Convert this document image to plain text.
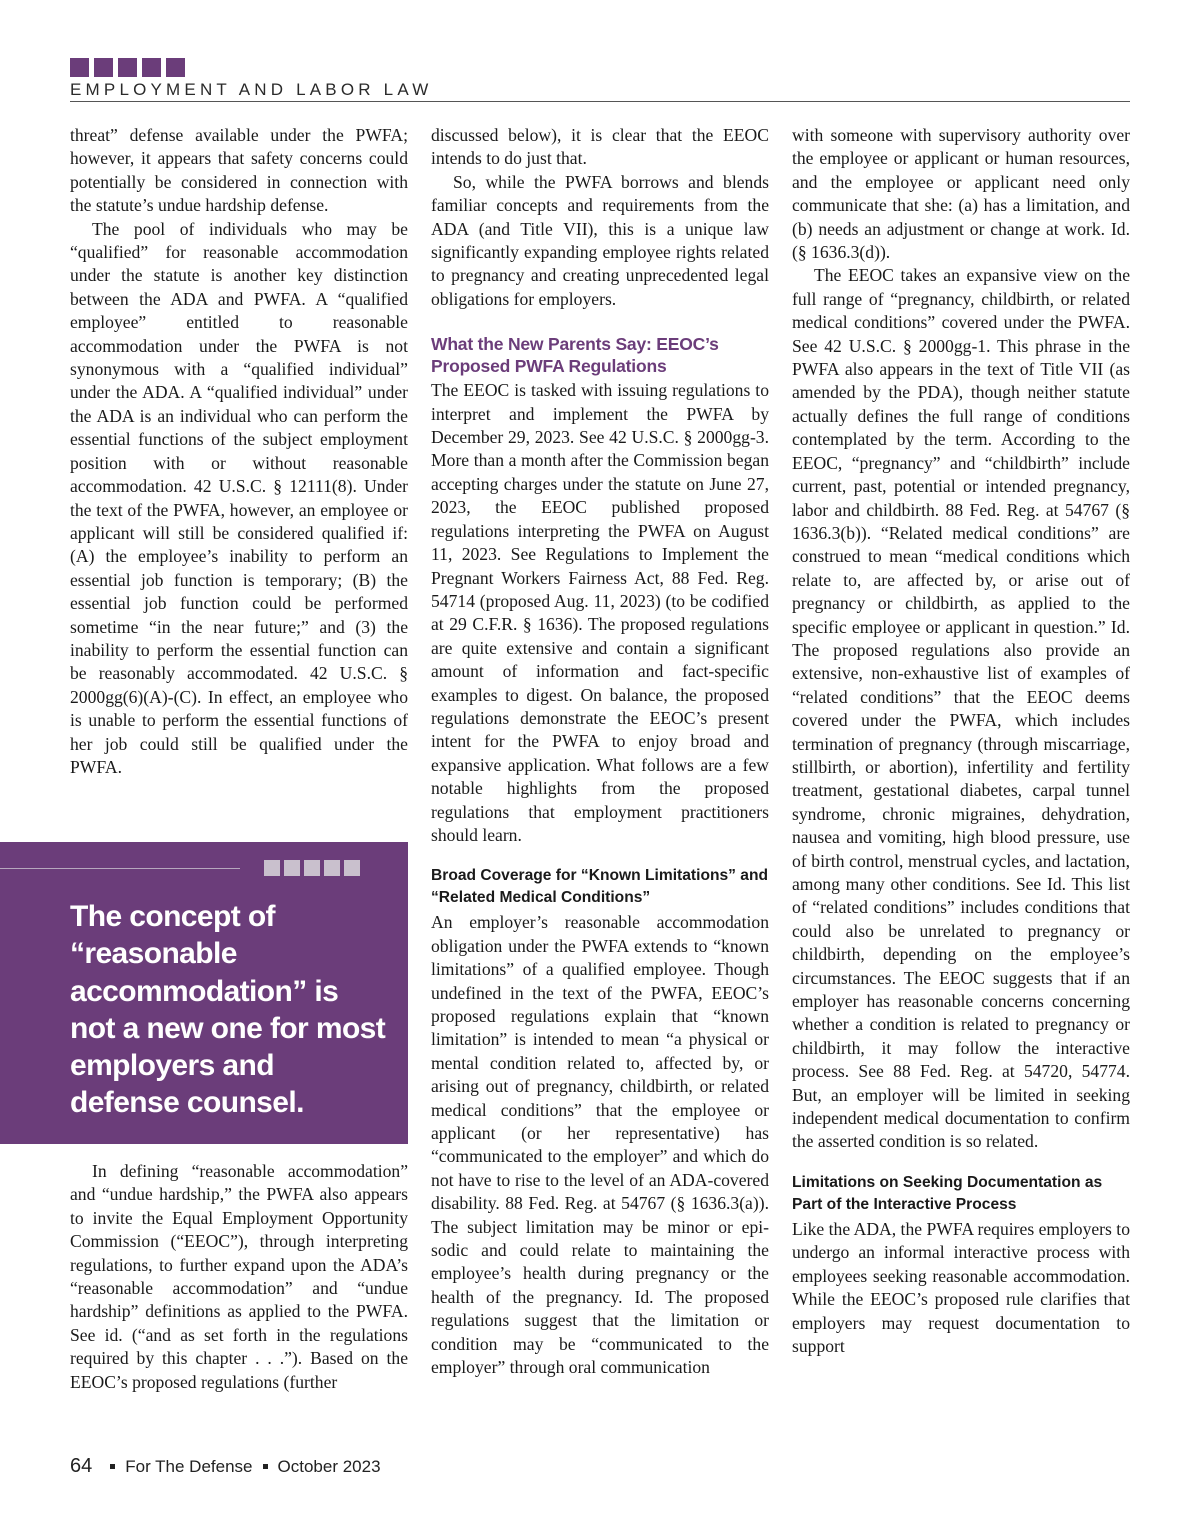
EMPLOYMENT AND LABOR LAW

threat” defense available under the PWFA; however, it appears that safety concerns could potentially be considered in connection with the statute’s undue hardship defense.

The pool of individuals who may be “qualified” for reasonable accommodation under the statute is another key distinction between the ADA and PWFA. A “qualified employee” entitled to reasonable accommodation under the PWFA is not synonymous with a “qualified individual” under the ADA. A “qualified individual” under the ADA is an individual who can perform the essential functions of the subject employment position with or without reasonable accommodation. 42 U.S.C. § 12111(8). Under the text of the PWFA, however, an employee or applicant will still be considered qualified if: (A) the employee’s inability to perform an essential job function is temporary; (B) the essential job function could be performed sometime “in the near future;” and (3) the inability to perform the essential function can be reasonably accommodated. 42 U.S.C. § 2000gg(6)(A)-(C). In effect, an employee who is unable to perform the essential functions of her job could still be qualified under the PWFA.

The concept of “reasonable accommodation” is not a new one for most employers and defense counsel.

In defining “reasonable accommodation” and “undue hardship,” the PWFA also appears to invite the Equal Employment Opportunity Commission (“EEOC”), through interpreting regulations, to further expand upon the ADA’s “reasonable accommodation” and “undue hardship” definitions as applied to the PWFA. See id. (“and as set forth in the regulations required by this chapter . . .”). Based on the EEOC’s proposed regulations (further

discussed below), it is clear that the EEOC intends to do just that.

So, while the PWFA borrows and blends familiar concepts and requirements from the ADA (and Title VII), this is a unique law significantly expanding employee rights related to pregnancy and creating unprecedented legal obligations for employers.

What the New Parents Say: EEOC’s Proposed PWFA Regulations

The EEOC is tasked with issuing regulations to interpret and implement the PWFA by December 29, 2023. See 42 U.S.C. § 2000gg-3. More than a month after the Commission began accepting charges under the statute on June 27, 2023, the EEOC published proposed regulations interpreting the PWFA on August 11, 2023. See Regulations to Implement the Pregnant Workers Fairness Act, 88 Fed. Reg. 54714 (proposed Aug. 11, 2023) (to be codified at 29 C.F.R. § 1636). The proposed regulations are quite extensive and contain a significant amount of information and fact-specific examples to digest. On balance, the proposed regulations demonstrate the EEOC’s present intent for the PWFA to enjoy broad and expansive application. What follows are a few notable highlights from the proposed regulations that employment practitioners should learn.

Broad Coverage for “Known Limitations” and “Related Medical Conditions”

An employer’s reasonable accommodation obligation under the PWFA extends to “known limitations” of a qualified employee. Though undefined in the text of the PWFA, EEOC’s proposed regulations explain that “known limitation” is intended to mean “a physical or mental condition related to, affected by, or arising out of pregnancy, childbirth, or related medical conditions” that the employee or applicant (or her representative) has “communicated to the employer” and which do not have to rise to the level of an ADA-covered disability. 88 Fed. Reg. at 54767 (§ 1636.3(a)). The subject limitation may be minor or episodic and could relate to maintaining the employee’s health during pregnancy or the health of the pregnancy. Id. The proposed regulations suggest that the limitation or condition may be “communicated to the employer” through oral communication

with someone with supervisory authority over the employee or applicant or human resources, and the employee or applicant need only communicate that she: (a) has a limitation, and (b) needs an adjustment or change at work. Id. (§ 1636.3(d)).

The EEOC takes an expansive view on the full range of “pregnancy, childbirth, or related medical conditions” covered under the PWFA. See 42 U.S.C. § 2000gg-1. This phrase in the PWFA also appears in the text of Title VII (as amended by the PDA), though neither statute actually defines the full range of conditions contemplated by the term. According to the EEOC, “pregnancy” and “childbirth” include current, past, potential or intended pregnancy, labor and childbirth. 88 Fed. Reg. at 54767 (§ 1636.3(b)). “Related medical conditions” are construed to mean “medical conditions which relate to, are affected by, or arise out of pregnancy or childbirth, as applied to the specific employee or applicant in question.” Id. The proposed regulations also provide an extensive, non-exhaustive list of examples of “related conditions” that the EEOC deems covered under the PWFA, which includes termination of pregnancy (through miscarriage, stillbirth, or abortion), infertility and fertility treatment, gestational diabetes, carpal tunnel syndrome, chronic migraines, dehydration, nausea and vomiting, high blood pressure, use of birth control, menstrual cycles, and lactation, among many other conditions. See Id. This list of “related conditions” includes conditions that could also be unrelated to pregnancy or childbirth, depending on the employee’s circumstances. The EEOC suggests that if an employer has reasonable concerns concerning whether a condition is related to pregnancy or childbirth, it may follow the interactive process. See 88 Fed. Reg. at 54720, 54774. But, an employer will be limited in seeking independent medical documentation to confirm the asserted condition is so related.

Limitations on Seeking Documentation as Part of the Interactive Process

Like the ADA, the PWFA requires employers to undergo an informal interactive process with employees seeking reasonable accommodation. While the EEOC’s proposed rule clarifies that employers may request documentation to support

64 For The Defense October 2023
